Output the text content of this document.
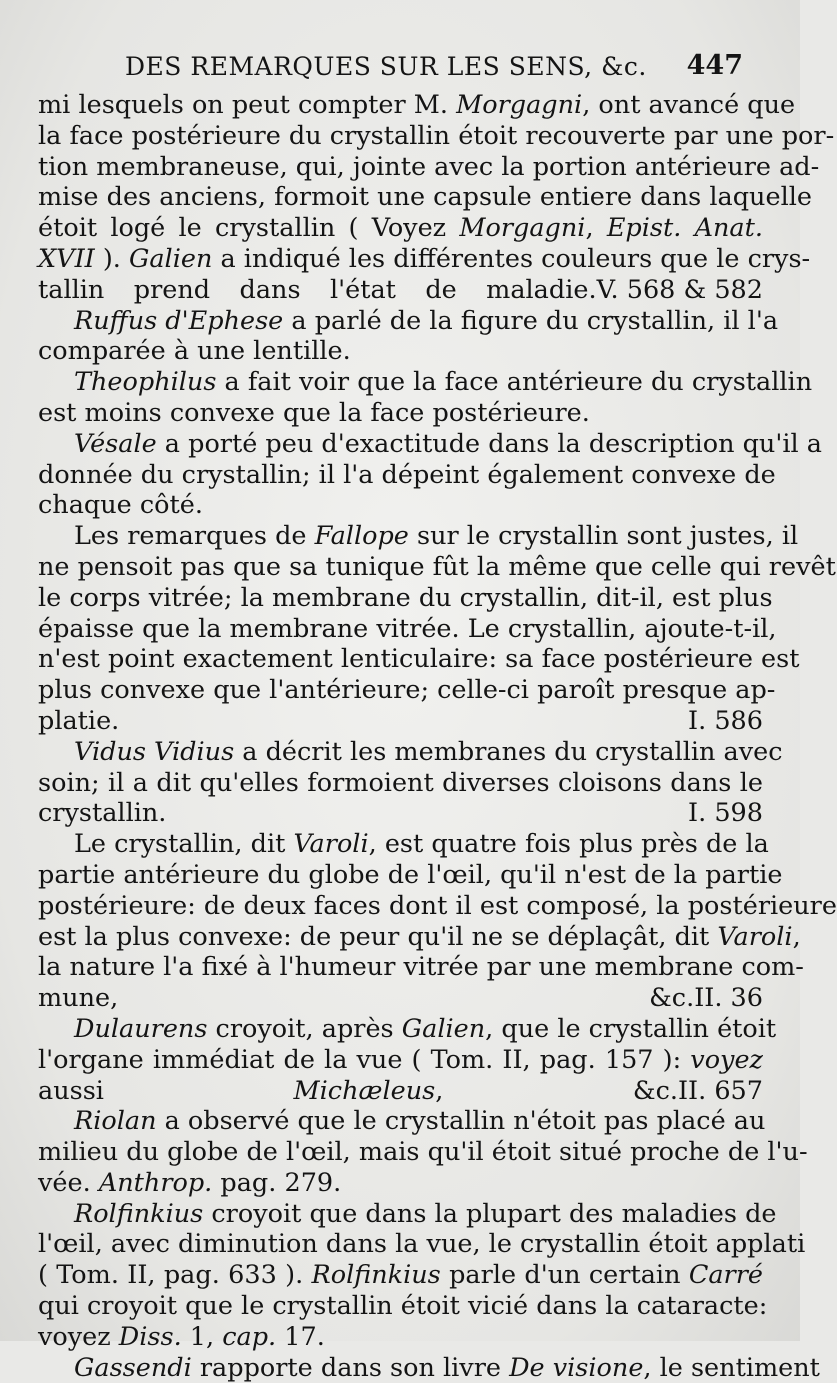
DES REMARQUES SUR LES SENS, &c. 447
mi lesquels on peut compter M. Morgagni, ont avancé que
la face postérieure du crystallin étoit recouverte par une por-
tion membraneuse, qui, jointe avec la portion antérieure ad-
mise des anciens, formoit une capsule entiere dans laquelle
étoit logé le crystallin ( Voyez Morgagni, Epist. Anat.
XVII ). Galien a indiqué les différentes couleurs que le crys-
tallin prend dans l'état de maladie. V. 568 & 582
Ruffus d'Ephese a parlé de la figure du crystallin, il l'a
comparée à une lentille.
Theophilus a fait voir que la face antérieure du crystallin
est moins convexe que la face postérieure.
Vésale a porté peu d'exactitude dans la description qu'il a
donnée du crystallin; il l'a dépeint également convexe de
chaque côté.
Les remarques de Fallope sur le crystallin sont justes, il
ne pensoit pas que sa tunique fût la même que celle qui revêt
le corps vitrée; la membrane du crystallin, dit-il, est plus
épaisse que la membrane vitrée. Le crystallin, ajoute-t-il,
n'est point exactement lenticulaire: sa face postérieure est
plus convexe que l'antérieure; celle-ci paroît presque ap-
platie.	I. 586
Vidus Vidius a décrit les membranes du crystallin avec
soin; il a dit qu'elles formoient diverses cloisons dans le
crystallin.	I. 598
Le crystallin, dit Varoli, est quatre fois plus près de la
partie antérieure du globe de l'œil, qu'il n'est de la partie
postérieure: de deux faces dont il est composé, la postérieure
est la plus convexe: de peur qu'il ne se déplaçât, dit Varoli,
la nature l'a fixé à l'humeur vitrée par une membrane com-
mune, &c. II. 36
Dulaurens croyoit, après Galien, que le crystallin étoit
l'organe immédiat de la vue ( Tom. II, pag. 157 ): voyez
aussi Michæleus, &c. II. 657
Riolan a observé que le crystallin n'étoit pas placé au
milieu du globe de l'œil, mais qu'il étoit situé proche de l'u-
vée. Anthrop. pag. 279.
Rolfinkius croyoit que dans la plupart des maladies de
l'œil, avec diminution dans la vue, le crystallin étoit applati
( Tom. II, pag. 633 ). Rolfinkius parle d'un certain Carré
qui croyoit que le crystallin étoit vicié dans la cataracte:
voyez Diss. 1, cap. 17.
Gassendi rapporte dans son livre De visione, le sentiment
